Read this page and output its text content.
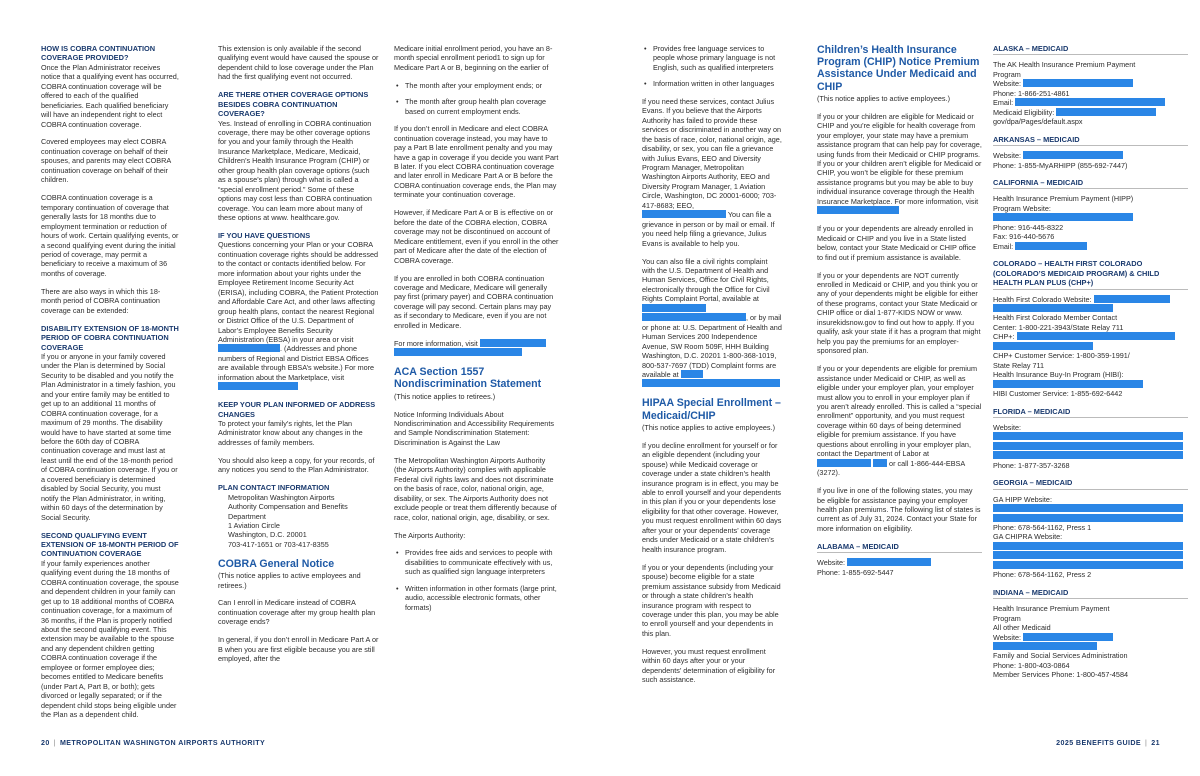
HOW IS COBRA CONTINUATION COVERAGE PROVIDED?

Once the Plan Administrator receives notice that a qualifying event has occurred, COBRA continuation coverage will be offered to each of the qualified beneficiaries. Each qualified beneficiary will have an independent right to elect COBRA continuation coverage.

Covered employees may elect COBRA continuation coverage on behalf of their spouses, and parents may elect COBRA continuation coverage on behalf of their children.

COBRA continuation coverage is a temporary continuation of coverage that generally lasts for 18 months due to employment termination or reduction of hours of work. Certain qualifying events, or a second qualifying event during the initial period of coverage, may permit a beneficiary to receive a maximum of 36 months of coverage.

There are also ways in which this 18-month period of COBRA continuation coverage can be extended:

DISABILITY EXTENSION OF 18-MONTH PERIOD OF COBRA CONTINUATION COVERAGE

If you or anyone in your family covered under the Plan is determined by Social Security to be disabled and you notify the Plan Administrator in a timely fashion, you and your entire family may be entitled to get up to an additional 11 months of COBRA continuation coverage, for a maximum of 29 months. The disability would have to have started at some time before the 60th day of COBRA continuation coverage and must last at least until the end of the 18-month period of COBRA continuation coverage. If you or a covered beneficiary is determined disabled by Social Security, you must notify the Plan Administrator, in writing, within 60 days of the determination by Social Security.

SECOND QUALIFYING EVENT EXTENSION OF 18-MONTH PERIOD OF CONTINUATION COVERAGE

If your family experiences another qualifying event during the 18 months of COBRA continuation coverage, the spouse and dependent children in your family can get up to 18 additional months of COBRA continuation coverage, for a maximum of 36 months, if the Plan is properly notified about the second qualifying event. This extension may be available to the spouse and any dependent children getting COBRA continuation coverage if the employee or former employee dies; becomes entitled to Medicare benefits (under Part A, Part B, or both); gets divorced or legally separated; or if the dependent child stops being eligible under the Plan as a dependent child.

This extension is only available if the second qualifying event would have caused the spouse or dependent child to lose coverage under the Plan had the first qualifying event not occurred.

ARE THERE OTHER COVERAGE OPTIONS BESIDES COBRA CONTINUATION COVERAGE?

Yes. Instead of enrolling in COBRA continuation coverage, there may be other coverage options for you and your family through the Health Insurance Marketplace, Medicare, Medicaid, Children’s Health Insurance Program (CHIP) or other group health plan coverage options (such as a spouse’s plan) through what is called a “special enrollment period.” Some of these options may cost less than COBRA continuation coverage. You can learn more about many of these options at www. healthcare.gov.

IF YOU HAVE QUESTIONS

Questions concerning your Plan or your COBRA continuation coverage rights should be addressed to the contact or contacts identified below. For more information about your rights under the Employee Retirement Income Security Act (ERISA), including COBRA, the Patient Protection and Affordable Care Act, and other laws affecting group health plans, contact the nearest Regional or District Office of the U.S. Department of Labor’s Employee Benefits Security Administration (EBSA) in your area or visit . (Addresses and phone numbers of Regional and District EBSA Offices are available through EBSA’s website.) For more information about the Marketplace, visit

KEEP YOUR PLAN INFORMED OF ADDRESS CHANGES

To protect your family’s rights, let the Plan Administrator know about any changes in the addresses of family members.

You should also keep a copy, for your records, of any notices you send to the Plan Administrator.

PLAN CONTACT INFORMATION
Metropolitan Washington Airports
Authority Compensation and Benefits
Department
1 Aviation Circle
Washington, D.C. 20001
703-417-1651 or 703-417-8355
COBRA General Notice

(This notice applies to active employees and retirees.)

Can I enroll in Medicare instead of COBRA continuation coverage after my group health plan coverage ends?

In general, if you don’t enroll in Medicare Part A or B when you are first eligible because you are still employed, after the

Medicare initial enrollment period, you have an 8-month special enrollment period1 to sign up for Medicare Part A or B, beginning on the earlier of

• The month after your employment ends; or
• The month after group health plan coverage based on current employment ends.

If you don’t enroll in Medicare and elect COBRA continuation coverage instead, you may have to pay a Part B late enrollment penalty and you may have a gap in coverage if you decide you want Part B later. If you elect COBRA continuation coverage and later enroll in Medicare Part A or B before the COBRA continuation coverage ends, the Plan may terminate your continuation coverage.

However, if Medicare Part A or B is effective on or before the date of the COBRA election, COBRA coverage may not be discontinued on account of Medicare entitlement, even if you enroll in the other part of Medicare after the date of the election of COBRA coverage.

If you are enrolled in both COBRA continuation coverage and Medicare, Medicare will generally pay first (primary payer) and COBRA continuation coverage will pay second. Certain plans may pay as if secondary to Medicare, even if you are not enrolled in Medicare.

For more information, visit

ACA Section 1557 Nondiscrimination Statement

(This notice applies to retirees.)

Notice Informing Individuals About Nondiscrimination and Accessibility Requirements and Sample Nondiscrimination Statement: Discrimination is Against the Law

The Metropolitan Washington Airports Authority (the Airports Authority) complies with applicable Federal civil rights laws and does not discriminate on the basis of race, color, national origin, age, disability, or sex. The Airports Authority does not exclude people or treat them differently because of race, color, national origin, age, disability, or sex.

The Airports Authority:

• Provides free aids and services to people with disabilities to communicate effectively with us, such as qualified sign language interpreters
• Written information in other formats (large print, audio, accessible electronic formats, other formats)
• Provides free language services to people whose primary language is not English, such as qualified interpreters
• Information written in other languages

If you need these services, contact Julius Evans. If you believe that the Airports Authority has failed to provide these services or discriminated in another way on the basis of race, color, national origin, age, disability, or sex, you can file a grievance with Julius Evans, EEO and Diversity Program Manager, Metropolitan Washington Airports Authority, EEO and Diversity Program Manager, 1 Aviation Circle, Washington, DC 20001-6000; 703-417-8683; EEO,
You can file a grievance in person or by mail or email. If you need help filing a grievance, Julius Evans is available to help you.

You can also file a civil rights complaint with the U.S. Department of Health and Human Services, Office for Civil Rights, electronically through the Office for Civil Rights Complaint Portal, available at  , or by mail or phone at: U.S. Department of Health and Human Services 200 Independence Avenue, SW Room 509F, HHH Building Washington, D.C. 20201 1-800-368-1019, 800-537-7697 (TDD) Complaint forms are available at

HIPAA Special Enrollment – Medicaid/CHIP

(This notice applies to active employees.)

If you decline enrollment for yourself or for an eligible dependent (including your spouse) while Medicaid coverage or coverage under a state children’s health insurance program is in effect, you may be able to enroll yourself and your dependents in this plan if you or your dependents lose eligibility for that other coverage. However, you must request enrollment within 60 days after your or your dependents’ coverage ends under Medicaid or a state children’s health insurance program.

If you or your dependents (including your spouse) become eligible for a state premium assistance subsidy from Medicaid or through a state children’s health insurance program with respect to coverage under this plan, you may be able to enroll yourself and your dependents in this plan.

However, you must request enrollment within 60 days after your or your dependents’ determination of eligibility for such assistance.

Children’s Health Insurance Program (CHIP) Notice Premium Assistance Under Medicaid and CHIP

(This notice applies to active employees.)

If you or your children are eligible for Medicaid or CHIP and you’re eligible for health coverage from your employer, your state may have a premium assistance program that can help pay for coverage, using funds from their Medicaid or CHIP programs. If you or your children aren’t eligible for Medicaid or CHIP, you won’t be eligible for these premium assistance programs but you may be able to buy individual insurance coverage through the Health Insurance Marketplace. For more information, visit

If you or your dependents are already enrolled in Medicaid or CHIP and you live in a State listed below, contact your State Medicaid or CHIP office to find out if premium assistance is available.

If you or your dependents are NOT currently enrolled in Medicaid or CHIP, and you think you or any of your dependents might be eligible for either of these programs, contact your State Medicaid or CHIP office or dial 1-877-KIDS NOW or www. insurekidsnow.gov to find out how to apply. If you qualify, ask your state if it has a program that might help you pay the premiums for an employer-sponsored plan.

If you or your dependents are eligible for premium assistance under Medicaid or CHIP, as well as eligible under your employer plan, your employer must allow you to enroll in your employer plan if you aren’t already enrolled. This is called a “special enrollment” opportunity, and you must request coverage within 60 days of being determined eligible for premium assistance. If you have questions about enrolling in your employer plan, contact the Department of Labor at   or call 1-866-444-EBSA (3272).

If you live in one of the following states, you may be eligible for assistance paying your employer health plan premiums. The following list of states is current as of July 31, 2024. Contact your State for more information on eligibility.

ALABAMA – MEDICAID
Website:
Phone: 1-855-692-5447
ALASKA – MEDICAID
The AK Health Insurance Premium Payment
Program
Website:
Phone: 1-866-251-4861
Email:
Medicaid Eligibility:
gov/dpa/Pages/default.aspx
ARKANSAS – MEDICAID
Website:
Phone: 1-855-MyARHIPP (855-692-7447)
CALIFORNIA – MEDICAID
Health Insurance Premium Payment (HIPP)
Program Website:
Phone: 916-445-8322
Fax: 916-440-5676
Email:
COLORADO – HEALTH FIRST COLORADO (COLORADO’S MEDICAID PROGRAM) & CHILD HEALTH PLAN PLUS (CHP+)
Health First Colorado Website:
Health First Colorado Member Contact
Center: 1-800-221-3943/State Relay 711
CHP+:
CHP+ Customer Service: 1-800-359-1991/
State Relay 711
Health Insurance Buy-In Program (HIBI):
HIBI Customer Service: 1-855-692-6442
FLORIDA – MEDICAID
Website:
Phone: 1-877-357-3268
GEORGIA – MEDICAID
GA HIPP Website:
Phone: 678-564-1162, Press 1
GA CHIPRA Website:
Phone: 678-564-1162, Press 2
INDIANA – MEDICAID
Health Insurance Premium Payment
Program
All other Medicaid
Website:
Family and Social Services Administration
Phone: 1-800-403-0864
Member Services Phone: 1-800-457-4584
20 | METROPOLITAN WASHINGTON AIRPORTS AUTHORITY	2025 BENEFITS GUIDE | 21
